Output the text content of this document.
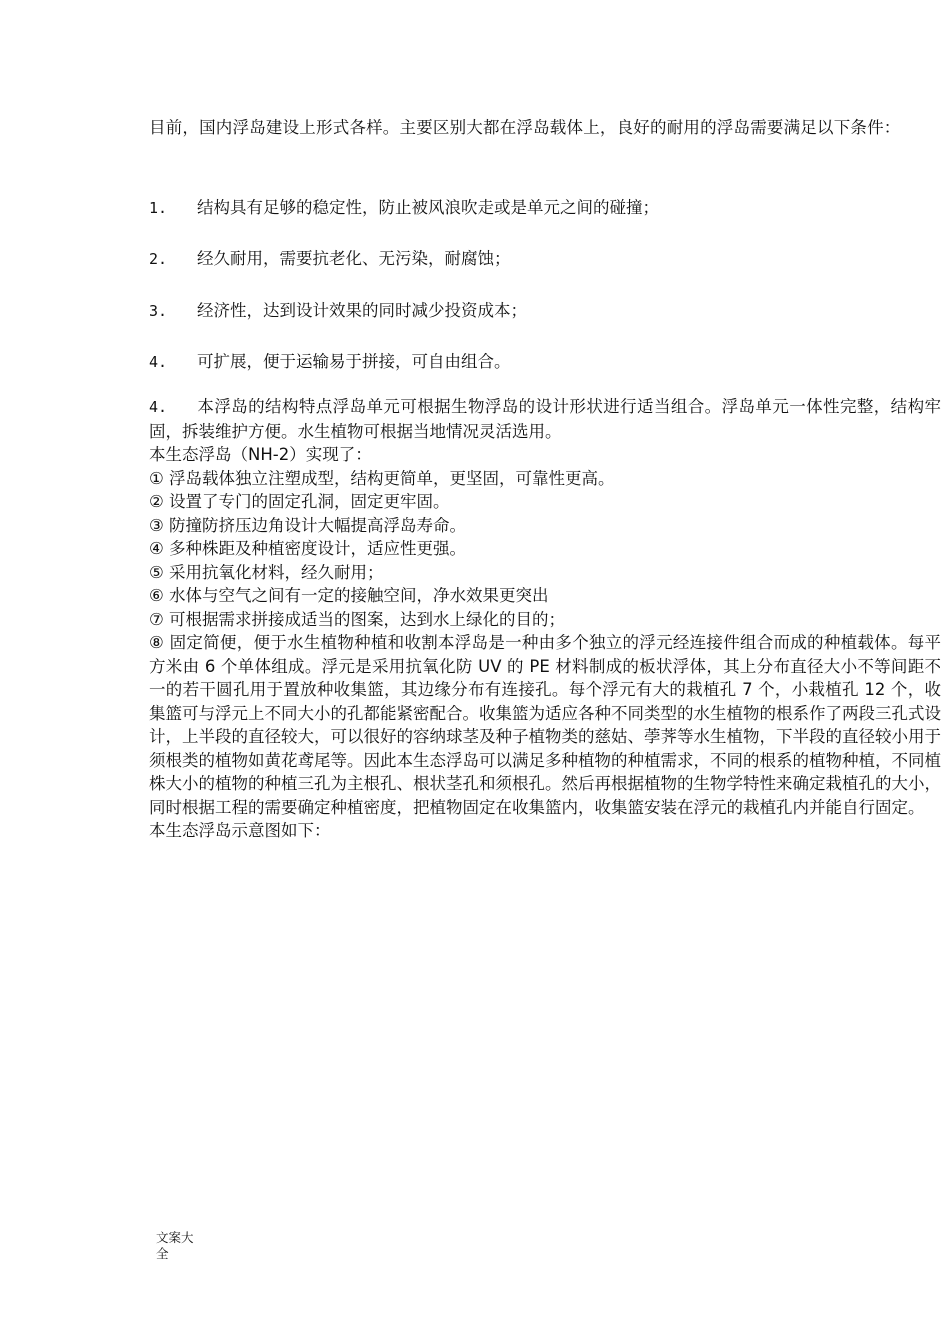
目前，国内浮岛建设上形式各样。主要区别大都在浮岛载体上，良好的耐用的浮岛需要满足以下条件：

1. 结构具有足够的稳定性，防止被风浪吹走或是单元之间的碰撞；

2. 经久耐用，需要抗老化、无污染，耐腐蚀；

3. 经济性，达到设计效果的同时减少投资成本；

4. 可扩展，便于运输易于拼接，可自由组合。

4. 本浮岛的结构特点浮岛单元可根据生物浮岛的设计形状进行适当组合。浮岛单元一体性完整，结构牢固，拆装维护方便。水生植物可根据当地情况灵活选用。

本生态浮岛（NH-2）实现了：

① 浮岛载体独立注塑成型，结构更简单，更坚固，可靠性更高。

② 设置了专门的固定孔洞，固定更牢固。

③ 防撞防挤压边角设计大幅提高浮岛寿命。

④ 多种株距及种植密度设计，适应性更强。

⑤ 采用抗氧化材料，经久耐用；

⑥ 水体与空气之间有一定的接触空间，净水效果更突出

⑦ 可根据需求拼接成适当的图案，达到水上绿化的目的；

⑧ 固定简便，便于水生植物种植和收割本浮岛是一种由多个独立的浮元经连接件组合而成的种植载体。每平方米由 6 个单体组成。浮元是采用抗氧化防 UV 的 PE 材料制成的板状浮体，其上分布直径大小不等间距不一的若干圆孔用于置放种收集篮，其边缘分布有连接孔。每个浮元有大的栽植孔 7 个，小栽植孔 12 个，收集篮可与浮元上不同大小的孔都能紧密配合。收集篮为适应各种不同类型的水生植物的根系作了两段三孔式设计，上半段的直径较大，可以很好的容纳球茎及种子植物类的慈姑、荸荠等水生植物，下半段的直径较小用于须根类的植物如黄花鸢尾等。因此本生态浮岛可以满足多种植物的种植需求，不同的根系的植物种植，不同植株大小的植物的种植三孔为主根孔、根状茎孔和须根孔。然后再根据植物的生物学特性来确定栽植孔的大小，同时根据工程的需要确定种植密度，把植物固定在收集篮内，收集篮安装在浮元的栽植孔内并能自行固定。

本生态浮岛示意图如下：

文案大全
